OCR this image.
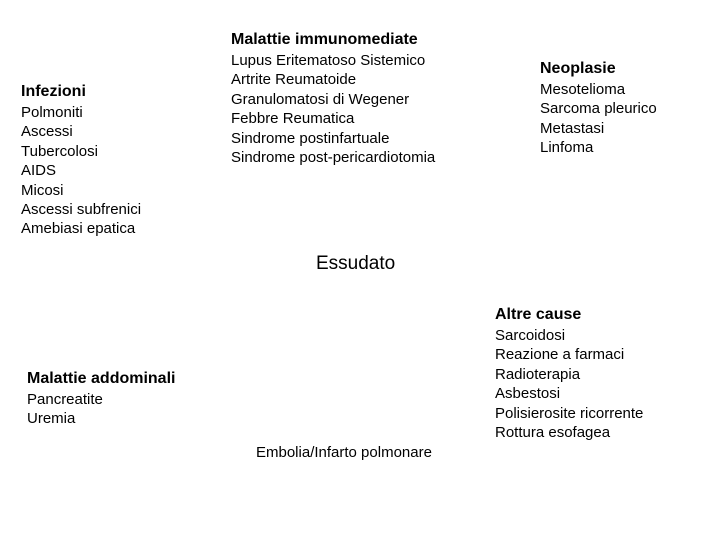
Infezioni
Polmoniti
Ascessi
Tubercolosi
AIDS
Micosi
Ascessi subfrenici
Amebiasi epatica
Malattie immunomediate
Lupus Eritematoso Sistemico
Artrite Reumatoide
Granulomatosi di Wegener
Febbre Reumatica
Sindrome postinfartuale
Sindrome post-pericardiotomia
Neoplasie
Mesotelioma
Sarcoma pleurico
Metastasi
Linfoma
Essudato
Altre cause
Sarcoidosi
Reazione a farmaci
Radioterapia
Asbestosi
Polisierosite ricorrente
Rottura esofagea
Malattie addominali
Pancreatite
Uremia
Embolia/Infarto polmonare
